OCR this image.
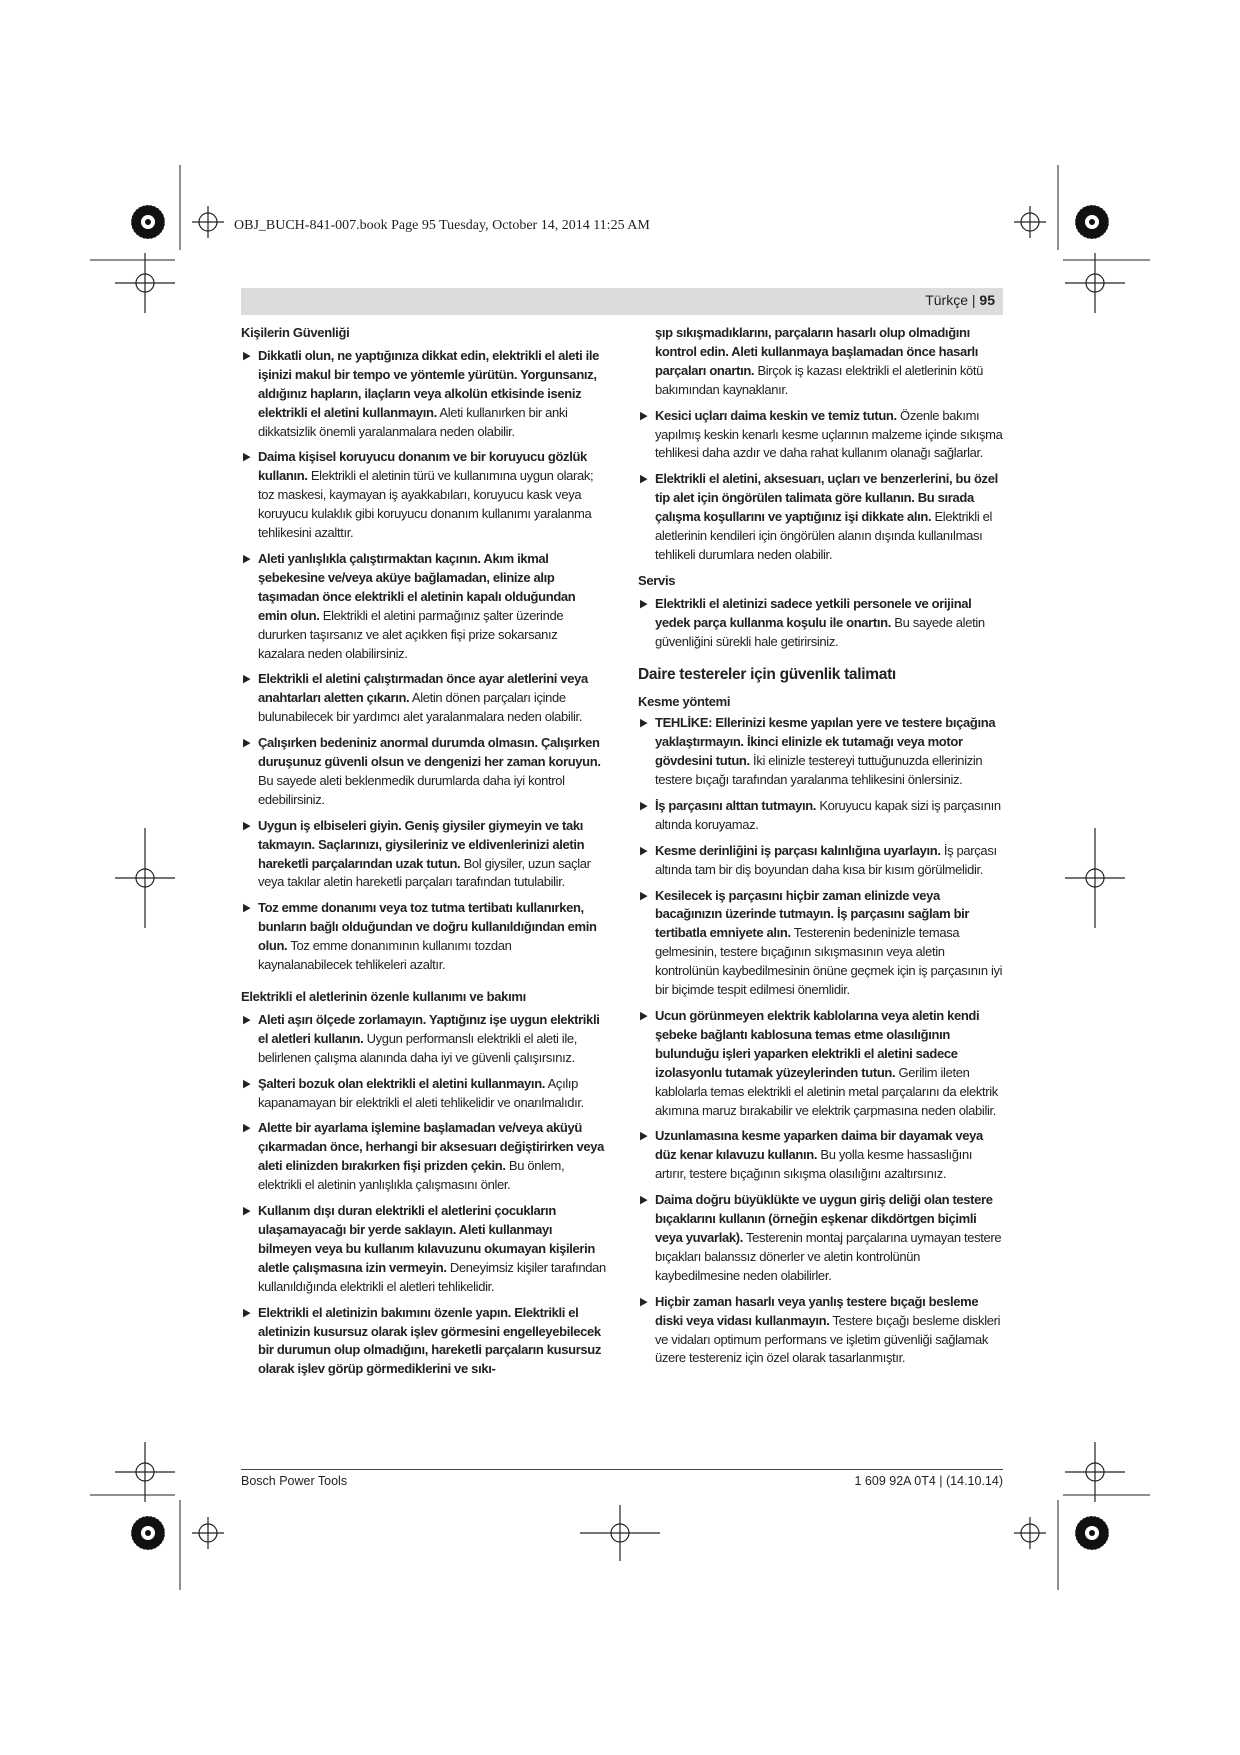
OBJ_BUCH-841-007.book Page 95 Tuesday, October 14, 2014 11:25 AM
Türkçe | 95
Kişilerin Güvenliği
▶ Dikkatli olun, ne yaptığınıza dikkat edin, elektrikli el aleti ile işinizi makul bir tempo ve yöntemle yürütün. Yorgunsanız, aldığınız hapların, ilaçların veya alkolün etkisinde iseniz elektrikli el aletini kullanmayın. Aleti kullanırken bir anki dikkatsizlik önemli yaralanmalara neden olabilir.
▶ Daima kişisel koruyucu donanım ve bir koruyucu gözlük kullanın. Elektrikli el aletinin türü ve kullanımına uygun olarak; toz maskesi, kaymayan iş ayakkabıları, koruyucu kask veya koruyucu kulaklık gibi koruyucu donanım kullanımı yaralanma tehlikesini azalttır.
▶ Aleti yanlışlıkla çalıştırmaktan kaçının. Akım ikmal şebekesine ve/veya aküye bağlamadan, elinize alıp taşımadan önce elektrikli el aletinin kapalı olduğundan emin olun. Elektrikli el aletini parmağınız şalter üzerinde dururken taşırsanız ve alet açıkken fişi prize sokarsanız kazalara neden olabilirsiniz.
▶ Elektrikli el aletini çalıştırmadan önce ayar aletlerini veya anahtarları aletten çıkarın. Aletin dönen parçaları içinde bulunabilecek bir yardımcı alet yaralanmalara neden olabilir.
▶ Çalışırken bedeniniz anormal durumda olmasın. Çalışırken duruşunuz güvenli olsun ve dengenizi her zaman koruyun. Bu sayede aleti beklenmedik durumlarda daha iyi kontrol edebilirsiniz.
▶ Uygun iş elbiseleri giyin. Geniş giysiler giymeyin ve takı takmayın. Saçlarınızı, giysileriniz ve eldivenlerinizi aletin hareketli parçalarından uzak tutun. Bol giysiler, uzun saçlar veya takılar aletin hareketli parçaları tarafından tutulabilir.
▶ Toz emme donanımı veya toz tutma tertibatı kullanırken, bunların bağlı olduğundan ve doğru kullanıldığından emin olun. Toz emme donanımının kullanımı tozdan kaynalanabilecek tehlikeleri azaltır.
Elektrikli el aletlerinin özenle kullanımı ve bakımı
▶ Aleti aşırı ölçede zorlamayın. Yaptığınız işe uygun elektrikli el aletleri kullanın. Uygun performanslı elektrikli el aleti ile, belirlenen çalışma alanında daha iyi ve güvenli çalışırsınız.
▶ Şalteri bozuk olan elektrikli el aletini kullanmayın. Açılıp kapanamayan bir elektrikli el aleti tehlikelidir ve onarılmalıdır.
▶ Alette bir ayarlama işlemine başlamadan ve/veya aküyü çıkarmadan önce, herhangi bir aksesuarı değiştirirken veya aleti elinizden bırakırken fişi prizden çekin. Bu önlem, elektrikli el aletinin yanlışlıkla çalışmasını önler.
▶ Kullanım dışı duran elektrikli el aletlerini çocukların ulaşamayacağı bir yerde saklayın. Aleti kullanmayı bilmeyen veya bu kullanım kılavuzunu okumayan kişilerin aletle çalışmasına izin vermeyin. Deneyimsiz kişiler tarafından kullanıldığında elektrikli el aletleri tehlikelidir.
▶ Elektrikli el aletinizin bakımını özenle yapın. Elektrikli el aletinizin kusursuz olarak işlev görmesini engelleyebilecek bir durumun olup olmadığını, hareketli parçaların kusursuz olarak işlev görüp görmediklerini ve sıkı-
şıp sıkışmadıklarını, parçaların hasarlı olup olmadığını kontrol edin. Aleti kullanmaya başlamadan önce hasarlı parçaları onartın. Birçok iş kazası elektrikli el aletlerinin kötü bakımından kaynaklanır.
▶ Kesici uçları daima keskin ve temiz tutun. Özenle bakımı yapılmış keskin kenarlı kesme uçlarının malzeme içinde sıkışma tehlikesi daha azdır ve daha rahat kullanım olanağı sağlarlar.
▶ Elektrikli el aletini, aksesuarı, uçları ve benzerlerini, bu özel tip alet için öngörülen talimata göre kullanın. Bu sırada çalışma koşullarını ve yaptığınız işi dikkate alın. Elektrikli el aletlerinin kendileri için öngörülen alanın dışında kullanılması tehlikeli durumlara neden olabilir.
Servis
▶ Elektrikli el aletinizi sadece yetkili personele ve orijinal yedek parça kullanma koşulu ile onartın. Bu sayede aletin güvenliğini sürekli hale getirirsiniz.
Daire testereler için güvenlik talimatı
Kesme yöntemi
▶ TEHLİKE: Ellerinizi kesme yapılan yere ve testere bıçağına yaklaştırmayın. İkinci elinizle ek tutamağı veya motor gövdesini tutun. İki elinizle testereyi tuttuğunuzda ellerinizin testere bıçağı tarafından yaralanma tehlikesini önlersiniz.
▶ İş parçasını alttan tutmayın. Koruyucu kapak sizi iş parçasının altında koruyamaz.
▶ Kesme derinliğini iş parçası kalınlığına uyarlayın. İş parçası altında tam bir diş boyundan daha kısa bir kısım görülmelidir.
▶ Kesilecek iş parçasını hiçbir zaman elinizde veya bacağınızın üzerinde tutmayın. İş parçasını sağlam bir tertibatla emniyete alın. Testerenin bedeninizle temasa gelmesinin, testere bıçağının sıkışmasının veya aletin kontrolünün kaybedilmesinin önüne geçmek için iş parçasının iyi bir biçimde tespit edilmesi önemlidir.
▶ Ucun görünmeyen elektrik kablolarına veya aletin kendi şebeke bağlantı kablosuna temas etme olasılığının bulunduğu işleri yaparken elektrikli el aletini sadece izolasyonlu tutamak yüzeylerinden tutun. Gerilim ileten kablolarla temas elektrikli el aletinin metal parçalarını da elektrik akımına maruz bırakabilir ve elektrik çarpmasına neden olabilir.
▶ Uzunlamasına kesme yaparken daima bir dayamak veya düz kenar kılavuzu kullanın. Bu yolla kesme hassaslığını artırır, testere bıçağının sıkışma olasılığını azaltırsınız.
▶ Daima doğru büyüklükte ve uygun giriş deliği olan testere bıçaklarını kullanın (örneğin eşkenar dikdörtgen biçimli veya yuvarlak). Testerenin montaj parçalarına uymayan testere bıçakları balanssız dönerler ve aletin kontrolünün kaybedilmesine neden olabilirler.
▶ Hiçbir zaman hasarlı veya yanlış testere bıçağı besleme diski veya vidası kullanmayın. Testere bıçağı besleme diskleri ve vidaları optimum performans ve işletim güvenliği sağlamak üzere testereniz için özel olarak tasarlanmıştır.
Bosch Power Tools	1 609 92A 0T4 | (14.10.14)
